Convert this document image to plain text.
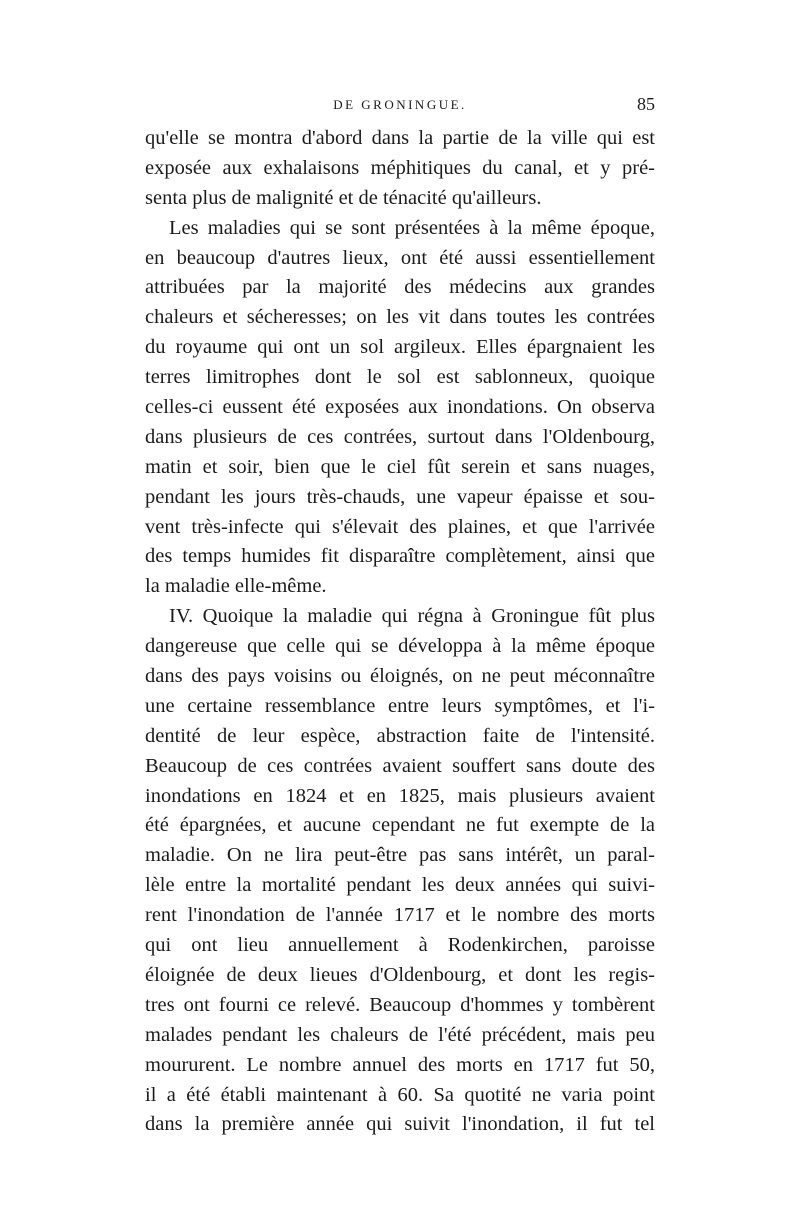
DE GRONINGUE.	85
qu'elle se montra d'abord dans la partie de la ville qui est
exposée aux exhalaisons méphitiques du canal, et y pré-
senta plus de malignité et de ténacité qu'ailleurs.
Les maladies qui se sont présentées à la même époque,
en beaucoup d'autres lieux, ont été aussi essentiellement
attribuées par la majorité des médecins aux grandes
chaleurs et sécheresses; on les vit dans toutes les contrées
du royaume qui ont un sol argileux. Elles épargnaient les
terres limitrophes dont le sol est sablonneux, quoique
celles-ci eussent été exposées aux inondations. On observa
dans plusieurs de ces contrées, surtout dans l'Oldenbourg,
matin et soir, bien que le ciel fût serein et sans nuages,
pendant les jours très-chauds, une vapeur épaisse et sou-
vent très-infecte qui s'élevait des plaines, et que l'arrivée
des temps humides fit disparaître complètement, ainsi que
la maladie elle-même.
IV. Quoique la maladie qui régna à Groningue fût plus
dangereuse que celle qui se développa à la même époque
dans des pays voisins ou éloignés, on ne peut méconnaître
une certaine ressemblance entre leurs symptômes, et l'i-
dentité de leur espèce, abstraction faite de l'intensité.
Beaucoup de ces contrées avaient souffert sans doute des
inondations en 1824 et en 1825, mais plusieurs avaient
été épargnées, et aucune cependant ne fut exempte de la
maladie. On ne lira peut-être pas sans intérêt, un paral-
lèle entre la mortalité pendant les deux années qui suivi-
rent l'inondation de l'année 1717 et le nombre des morts
qui ont lieu annuellement à Rodenkirchen, paroisse
éloignée de deux lieues d'Oldenbourg, et dont les regis-
tres ont fourni ce relevé. Beaucoup d'hommes y tombèrent
malades pendant les chaleurs de l'été précédent, mais peu
moururent. Le nombre annuel des morts en 1717 fut 50,
il a été établi maintenant à 60. Sa quotité ne varia point
dans la première année qui suivit l'inondation, il fut tel
